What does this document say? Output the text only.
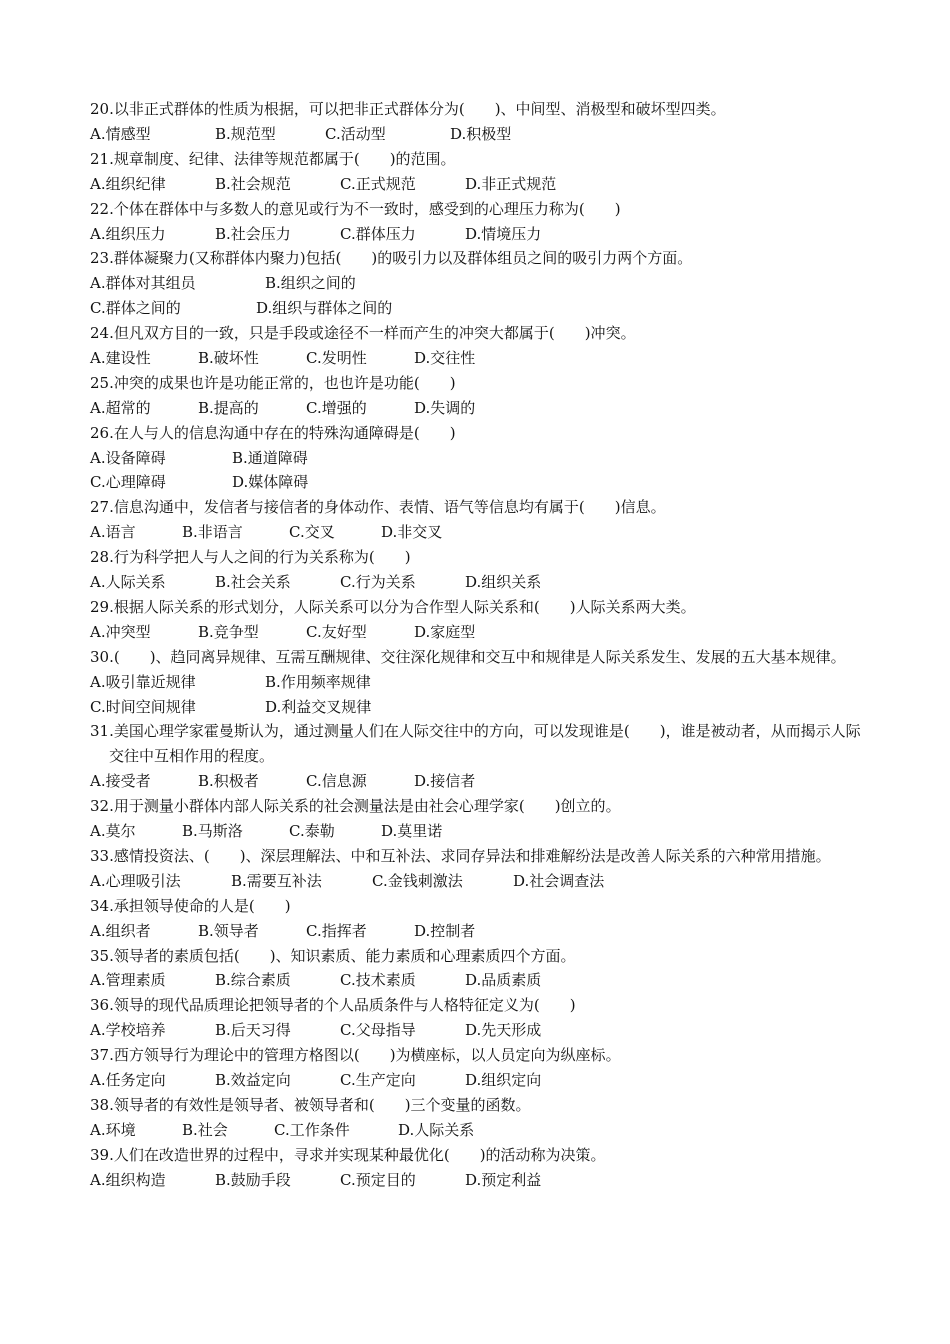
20.以非正式群体的性质为根据，可以把非正式群体分为(　　)、中间型、消极型和破坏型四类。
A.情感型	B.规范型	C.活动型	D.积极型
21.规章制度、纪律、法律等规范都属于(　　)的范围。
A.组织纪律	B.社会规范	C.正式规范	D.非正式规范
22.个体在群体中与多数人的意见或行为不一致时，感受到的心理压力称为(　　)
A.组织压力	B.社会压力	C.群体压力	D.情境压力
23.群体凝聚力(又称群体内聚力)包括(　　)的吸引力以及群体组员之间的吸引力两个方面。
A.群体对其组员	B.组织之间的
C.群体之间的	D.组织与群体之间的
24.但凡双方目的一致，只是手段或途径不一样而产生的冲突大都属于(　　)冲突。
A.建设性	B.破坏性	C.发明性	D.交往性
25.冲突的成果也许是功能正常的，也也许是功能(　　)
A.超常的	B.提高的	C.增强的	D.失调的
26.在人与人的信息沟通中存在的特殊沟通障碍是(　　)
A.设备障碍	B.通道障碍
C.心理障碍	D.媒体障碍
27.信息沟通中，发信者与接信者的身体动作、表情、语气等信息均有属于(　　)信息。
A.语言	B.非语言	C.交叉	D.非交叉
28.行为科学把人与人之间的行为关系称为(　　)
A.人际关系	B.社会关系	C.行为关系	D.组织关系
29.根据人际关系的形式划分，人际关系可以分为合作型人际关系和(　　)人际关系两大类。
A.冲突型	B.竞争型	C.友好型	D.家庭型
30.(　　)、趋同离异规律、互需互酬规律、交往深化规律和交互中和规律是人际关系发生、发展的五大基本规律。
A.吸引靠近规律	B.作用频率规律
C.时间空间规律	D.利益交叉规律
31.美国心理学家霍曼斯认为，通过测量人们在人际交往中的方向，可以发现谁是(　　)，谁是被动者，从而揭示人际交往中互相作用的程度。
A.接受者	B.积极者	C.信息源	D.接信者
32.用于测量小群体内部人际关系的社会测量法是由社会心理学家(　　)创立的。
A.莫尔	B.马斯洛	C.泰勒	D.莫里诺
33.感情投资法、(　　)、深层理解法、中和互补法、求同存异法和排难解纷法是改善人际关系的六种常用措施。
A.心理吸引法	B.需要互补法	C.金钱刺激法	D.社会调查法
34.承担领导使命的人是(　　)
A.组织者	B.领导者	C.指挥者	D.控制者
35.领导者的素质包括(　　)、知识素质、能力素质和心理素质四个方面。
A.管理素质	B.综合素质	C.技术素质	D.品质素质
36.领导的现代品质理论把领导者的个人品质条件与人格特征定义为(　　)
A.学校培养	B.后天习得	C.父母指导	D.先天形成
37.西方领导行为理论中的管理方格图以(　　)为横座标，以人员定向为纵座标。
A.任务定向	B.效益定向	C.生产定向	D.组织定向
38.领导者的有效性是领导者、被领导者和(　　)三个变量的函数。
A.环境	B.社会	C.工作条件	D.人际关系
39.人们在改造世界的过程中，寻求并实现某种最优化(　　)的活动称为决策。
A.组织构造	B.鼓励手段	C.预定目的	D.预定利益
